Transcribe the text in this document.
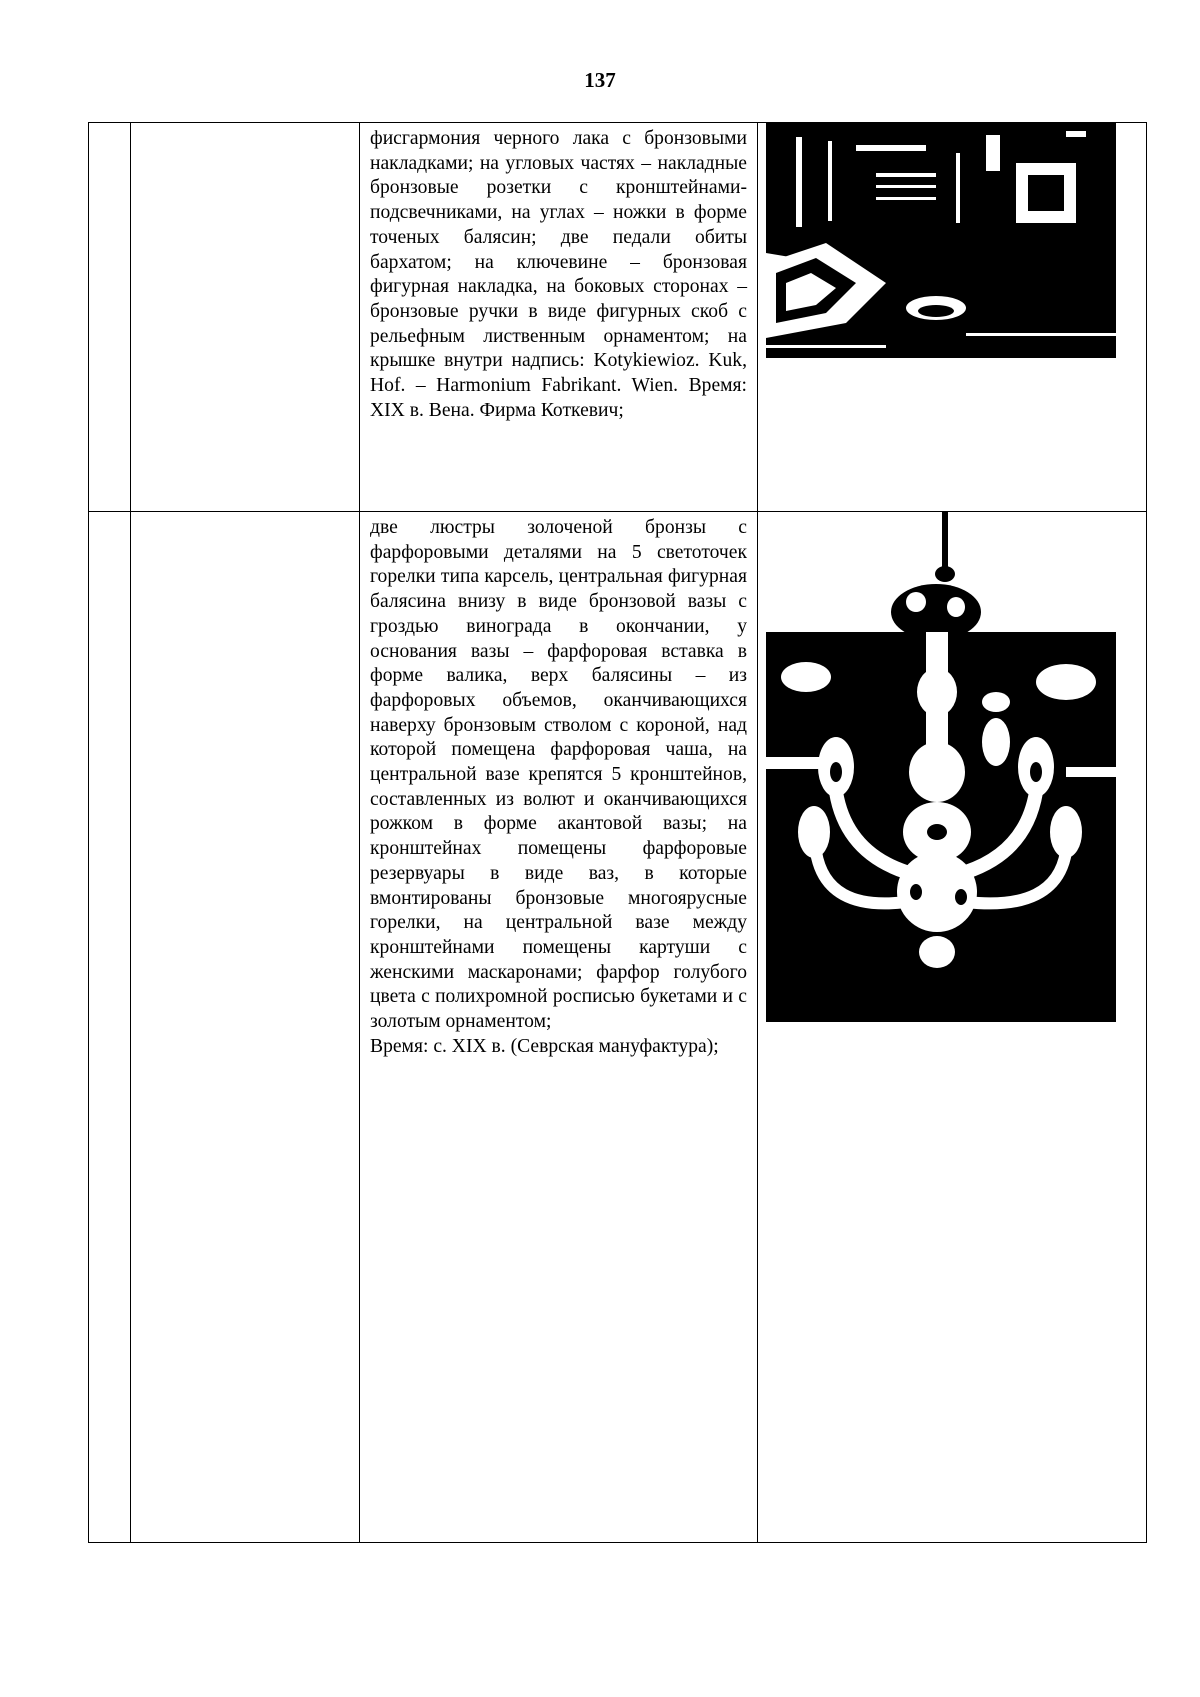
137

		фисгармония черного лака с бронзовыми накладками; на угловых частях – накладные бронзовые розетки с кронштейнами-подсвечниками, на углах – ножки в форме точеных балясин; две педали обиты бархатом; на ключевине – бронзовая фигурная накладка, на боковых сторонах – бронзовые ручки в виде фигурных скоб с рельефным лиственным орнаментом; на крышке внутри надпись: Kotykiewioz. Kuk, Hof. – Harmonium Fabrikant. Wien. Время: XIX в. Вена. Фирма Коткевич;

		две люстры золоченой бронзы с фарфоровыми деталями на 5 светоточек горелки типа карсель, центральная фигурная балясина внизу в виде бронзовой вазы с гроздью винограда в окончании, у основания вазы – фарфоровая вставка в форме валика, верх балясины – из фарфоровых объемов, оканчивающихся наверху бронзовым стволом с короной, над которой помещена фарфоровая чаша, на центральной вазе крепятся 5 кронштейнов, составленных из волют и оканчивающихся рожком в форме акантовой вазы; на кронштейнах помещены фарфоровые резервуары в виде ваз, в которые вмонтированы бронзовые многоярусные горелки, на центральной вазе между кронштейнами помещены картуши с женскими маскаронами; фарфор голубого цвета с полихромной росписью букетами и с золотым орнаментом;

Время: с. XIX в. (Севрская мануфактура);
